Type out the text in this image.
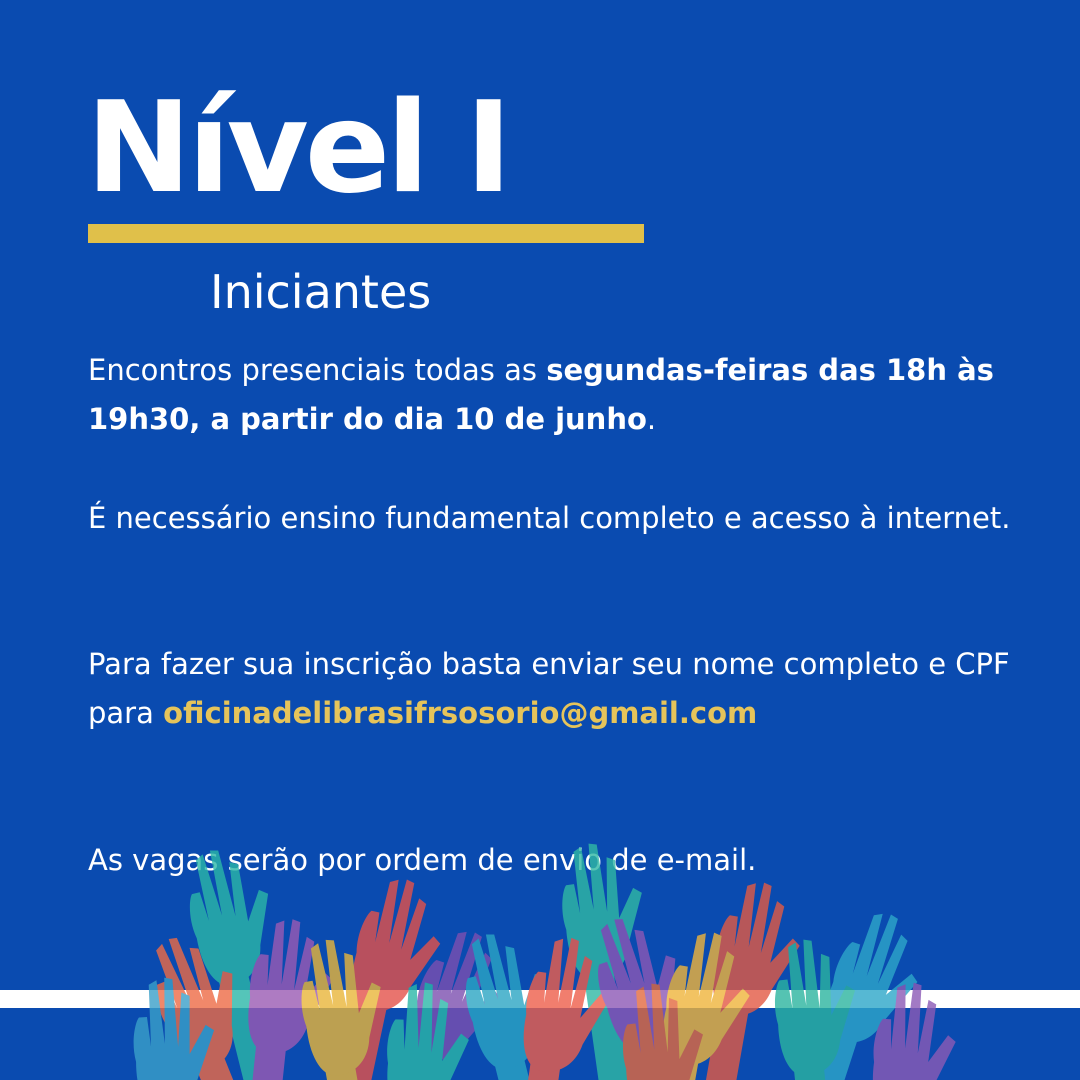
Nível I
Iniciantes

Encontros presenciais todas as segundas-feiras das 18h às 19h30, a partir do dia 10 de junho.

É necessário ensino fundamental completo e acesso à internet.

Para fazer sua inscrição basta enviar seu nome completo e CPF para oficinadelibrasifrsosorio@gmail.com

As vagas serão por ordem de envio de e-mail.
